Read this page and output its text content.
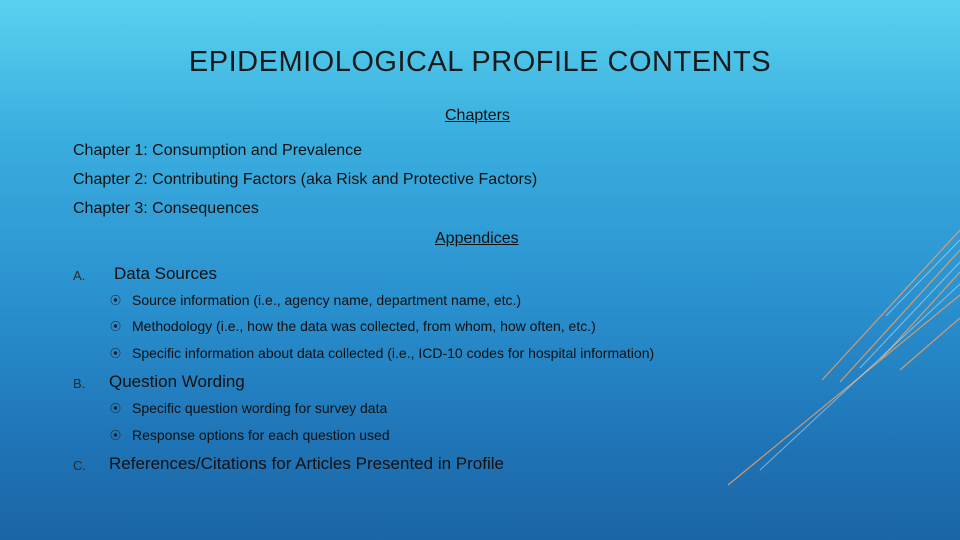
EPIDEMIOLOGICAL PROFILE CONTENTS
Chapters
Chapter 1: Consumption and Prevalence
Chapter 2: Contributing Factors (aka Risk and Protective Factors)
Chapter 3: Consequences
Appendices
A. Data Sources
⦿ Source information (i.e., agency name, department name, etc.)
⦿ Methodology (i.e., how the data was collected, from whom, how often, etc.)
⦿ Specific information about data collected (i.e., ICD-10 codes for hospital information)
B. Question Wording
⦿ Specific question wording for survey data
⦿ Response options for each question used
C. References/Citations for Articles Presented in Profile
